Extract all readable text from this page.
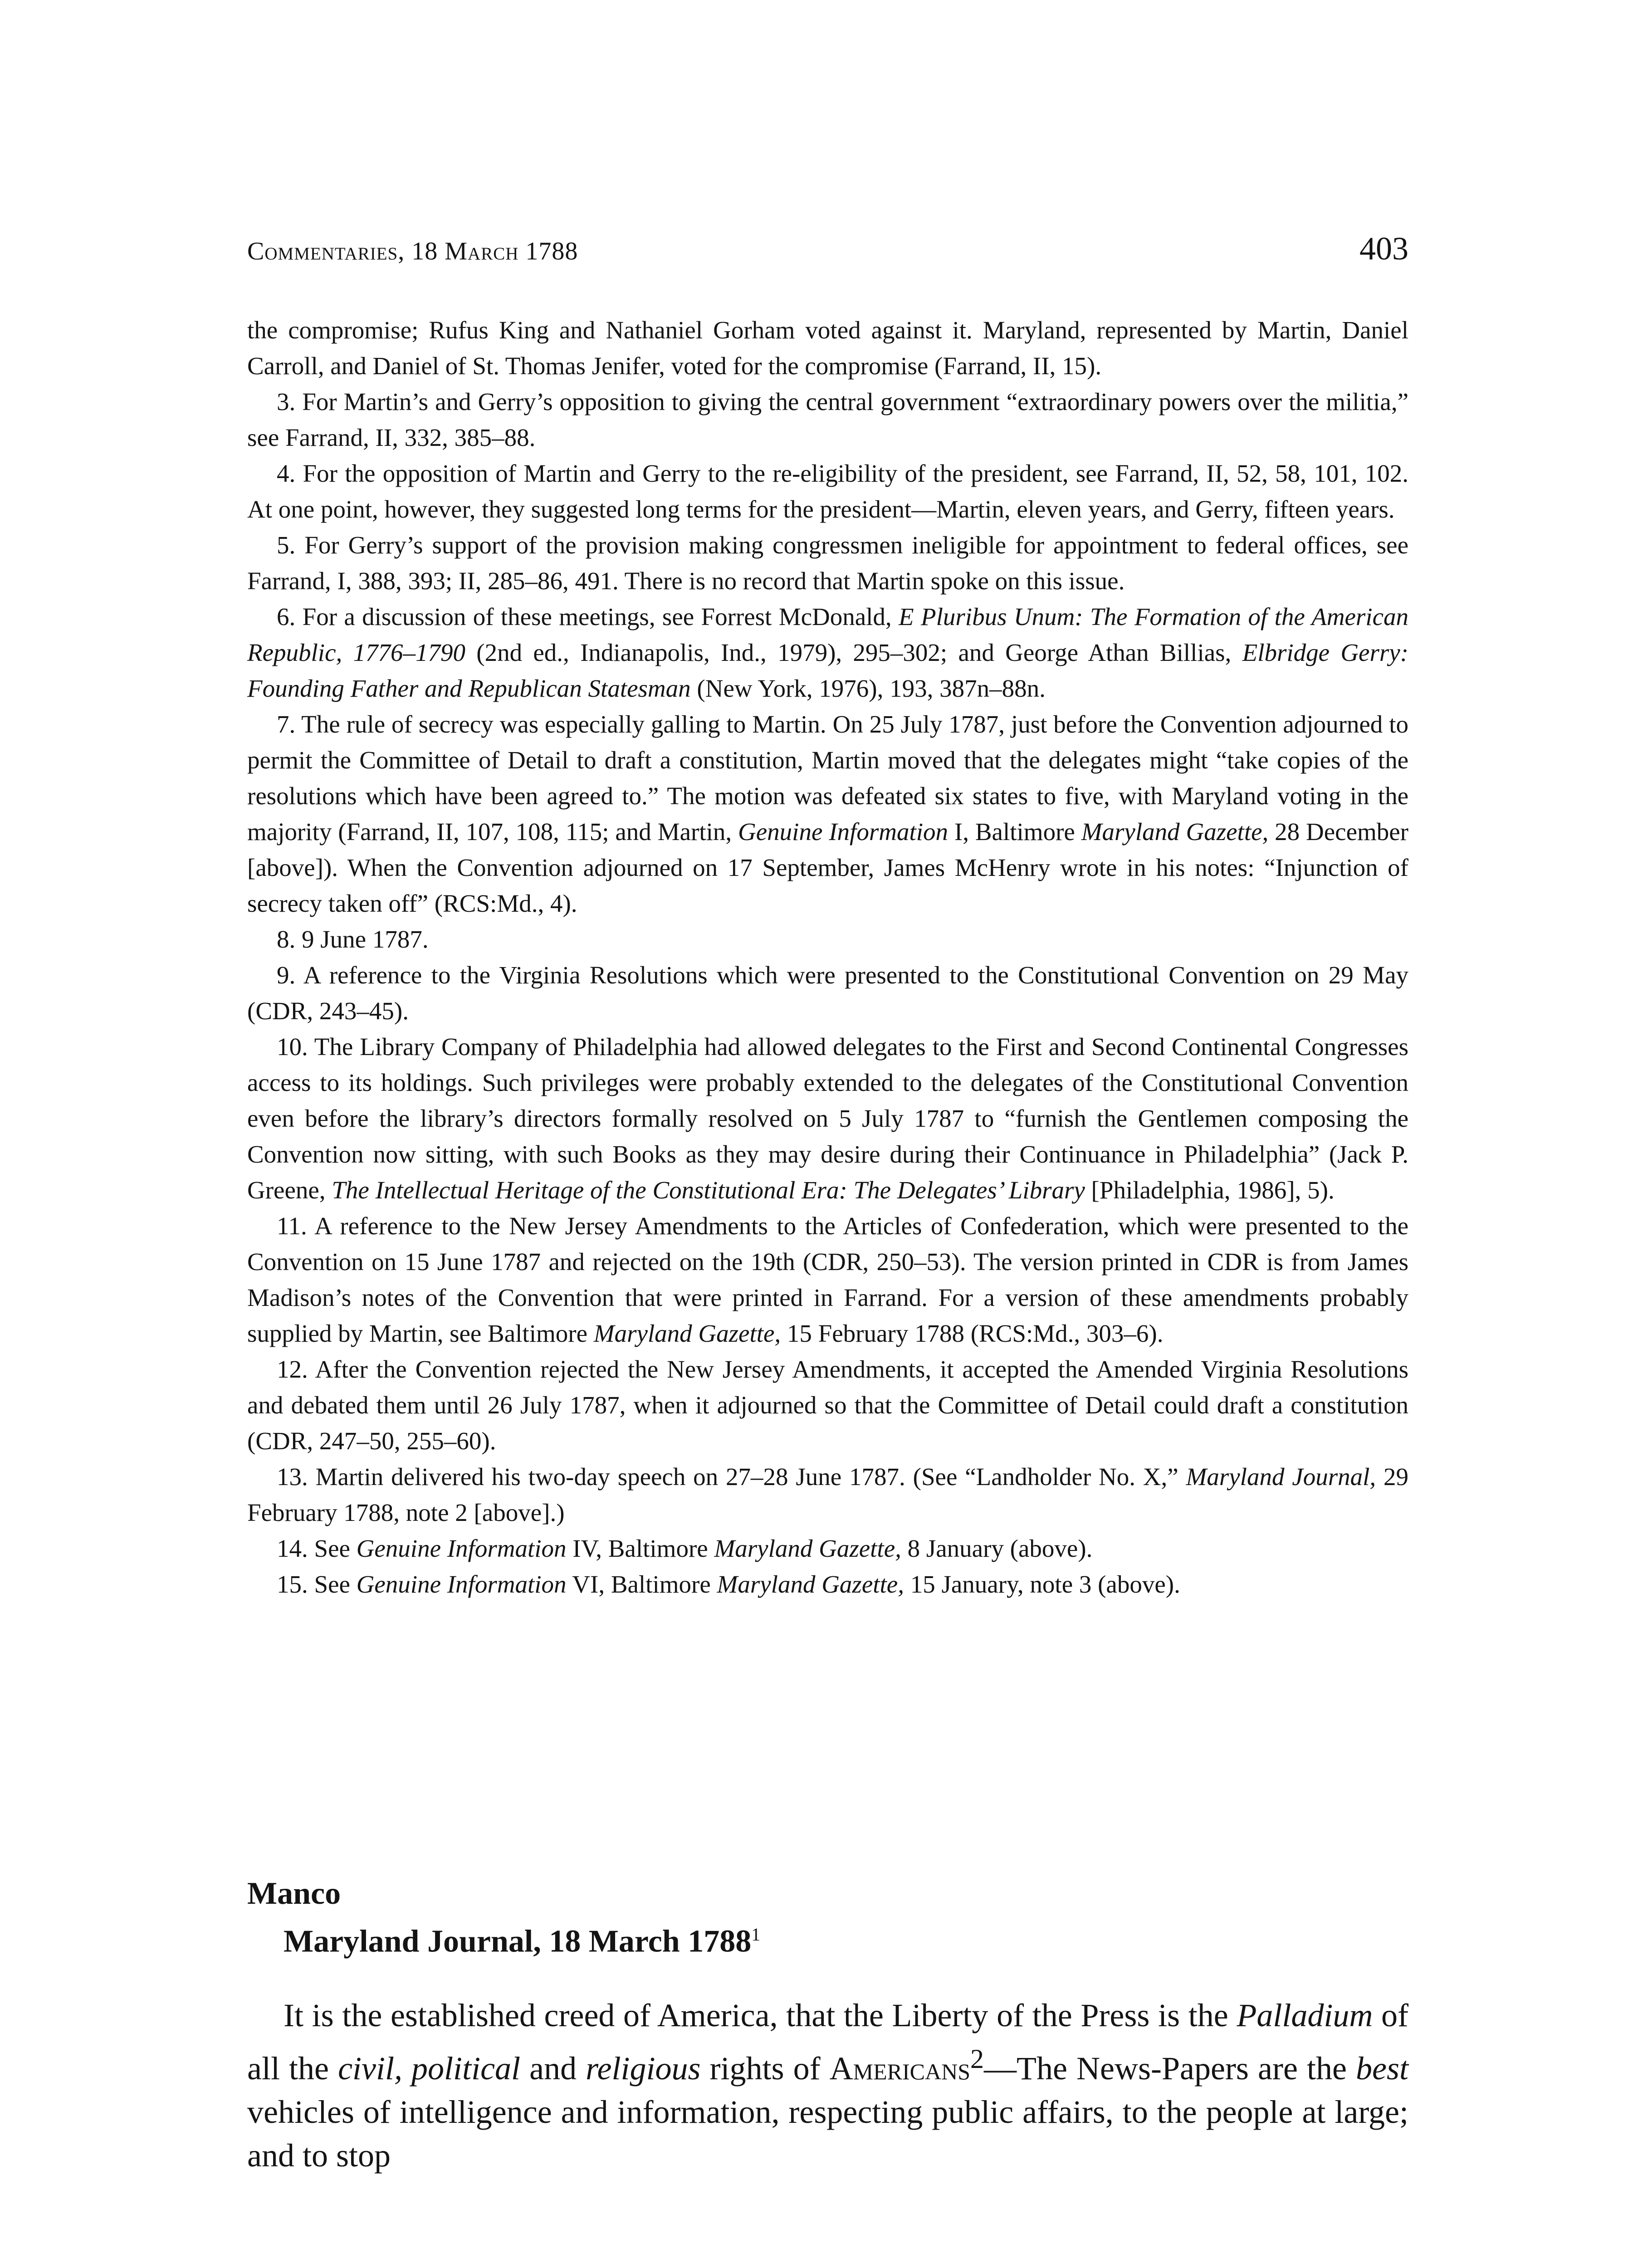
Commentaries, 18 March 1788	403

the compromise; Rufus King and Nathaniel Gorham voted against it. Maryland, represented by Martin, Daniel Carroll, and Daniel of St. Thomas Jenifer, voted for the compromise (Farrand, II, 15).

3. For Martin’s and Gerry’s opposition to giving the central government “extraordinary powers over the militia,” see Farrand, II, 332, 385–88.

4. For the opposition of Martin and Gerry to the re-eligibility of the president, see Farrand, II, 52, 58, 101, 102. At one point, however, they suggested long terms for the president—Martin, eleven years, and Gerry, fifteen years.

5. For Gerry’s support of the provision making congressmen ineligible for appointment to federal offices, see Farrand, I, 388, 393; II, 285–86, 491. There is no record that Martin spoke on this issue.

6. For a discussion of these meetings, see Forrest McDonald, E Pluribus Unum: The Formation of the American Republic, 1776–1790 (2nd ed., Indianapolis, Ind., 1979), 295–302; and George Athan Billias, Elbridge Gerry: Founding Father and Republican Statesman (New York, 1976), 193, 387n–88n.

7. The rule of secrecy was especially galling to Martin. On 25 July 1787, just before the Convention adjourned to permit the Committee of Detail to draft a constitution, Martin moved that the delegates might “take copies of the resolutions which have been agreed to.” The motion was defeated six states to five, with Maryland voting in the majority (Farrand, II, 107, 108, 115; and Martin, Genuine Information I, Baltimore Maryland Gazette, 28 December [above]). When the Convention adjourned on 17 September, James McHenry wrote in his notes: “Injunction of secrecy taken off” (RCS:Md., 4).

8. 9 June 1787.

9. A reference to the Virginia Resolutions which were presented to the Constitutional Convention on 29 May (CDR, 243–45).

10. The Library Company of Philadelphia had allowed delegates to the First and Second Continental Congresses access to its holdings. Such privileges were probably extended to the delegates of the Constitutional Convention even before the library’s directors formally resolved on 5 July 1787 to “furnish the Gentlemen composing the Convention now sitting, with such Books as they may desire during their Continuance in Philadelphia” (Jack P. Greene, The Intellectual Heritage of the Constitutional Era: The Delegates’ Library [Philadelphia, 1986], 5).

11. A reference to the New Jersey Amendments to the Articles of Confederation, which were presented to the Convention on 15 June 1787 and rejected on the 19th (CDR, 250–53). The version printed in CDR is from James Madison’s notes of the Convention that were printed in Farrand. For a version of these amendments probably supplied by Martin, see Baltimore Maryland Gazette, 15 February 1788 (RCS:Md., 303–6).

12. After the Convention rejected the New Jersey Amendments, it accepted the Amended Virginia Resolutions and debated them until 26 July 1787, when it adjourned so that the Committee of Detail could draft a constitution (CDR, 247–50, 255–60).

13. Martin delivered his two-day speech on 27–28 June 1787. (See “Landholder No. X,” Maryland Journal, 29 February 1788, note 2 [above].)

14. See Genuine Information IV, Baltimore Maryland Gazette, 8 January (above).

15. See Genuine Information VI, Baltimore Maryland Gazette, 15 January, note 3 (above).

Manco
Maryland Journal, 18 March 1788$^1$

It is the established creed of America, that the Liberty of the Press is the Palladium of all the civil, political and religious rights of Americans$^2$—The News-Papers are the best vehicles of intelligence and information, respecting public affairs, to the people at large; and to stop
